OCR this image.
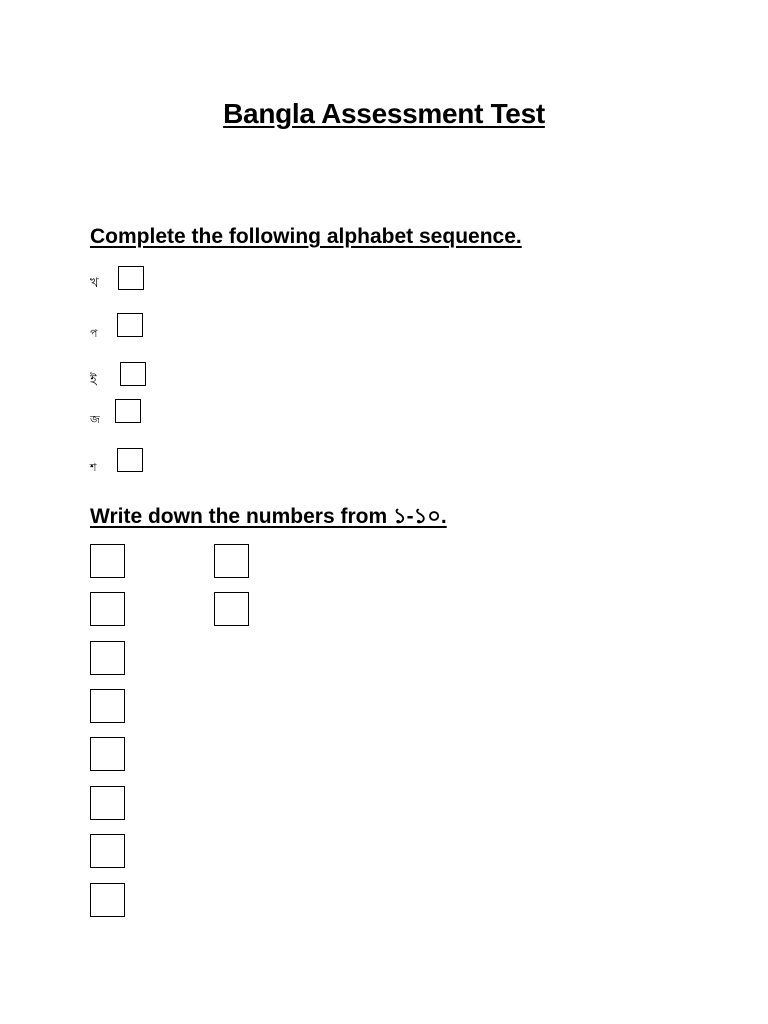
Bangla Assessment Test
Complete the following alphabet sequence.
খ
প
ই
জ
শ
Write down the numbers from ১-১০.
